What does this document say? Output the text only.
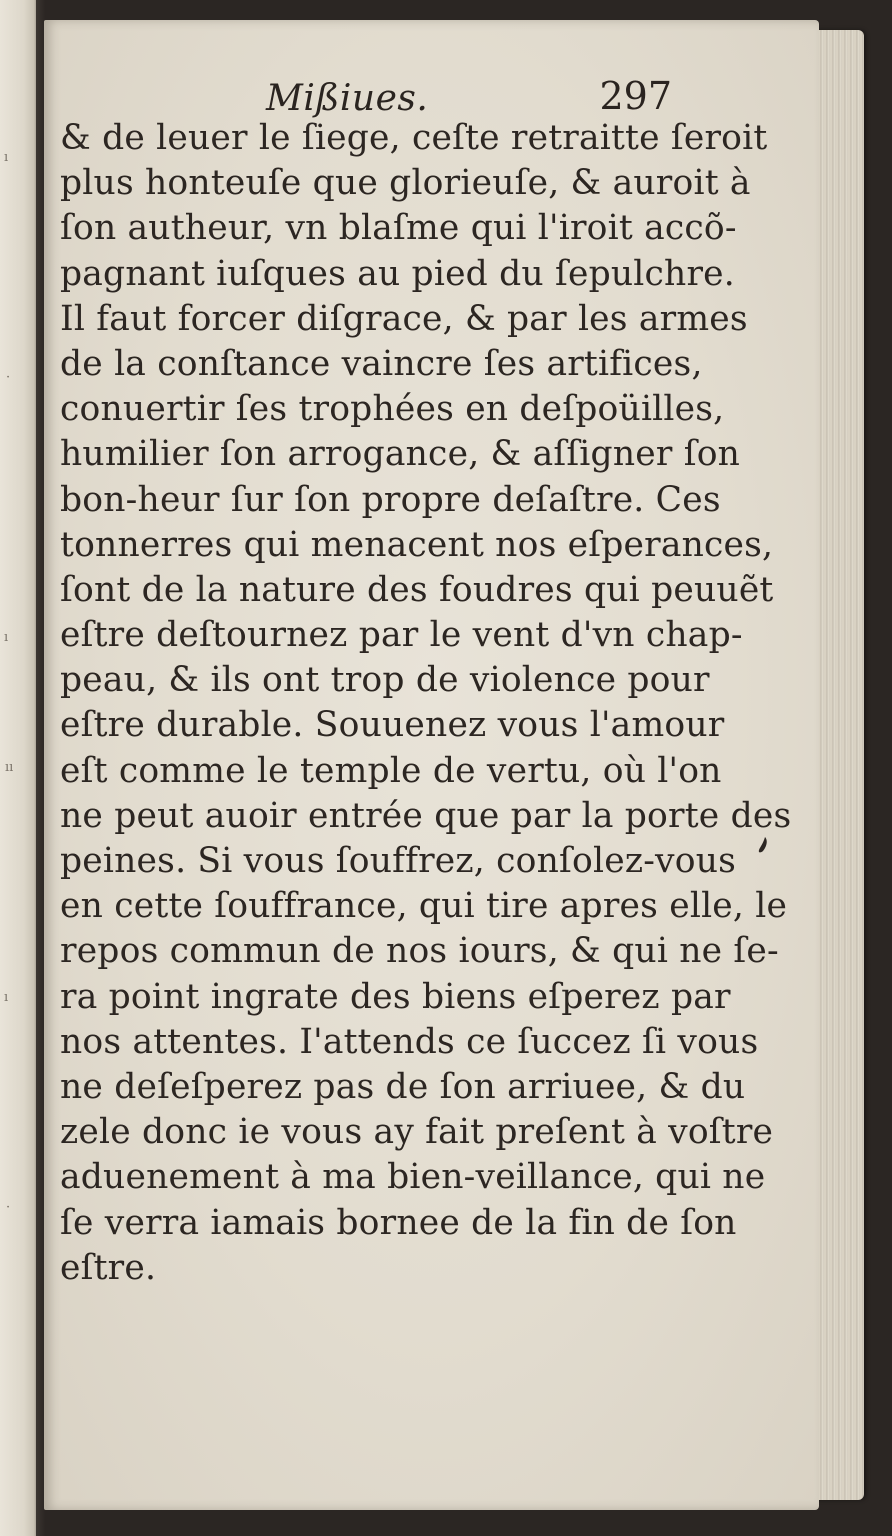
ı
·
ı
ıı
ı
·
Mißiues.	297
& de leuer le ſiege, ceſte retraitte ſeroit
plus honteuſe que glorieuſe, & auroit à
ſon autheur, vn blaſme qui l'iroit accõ-
pagnant iuſques au pied du ſepulchre.
Il faut forcer diſgrace, & par les armes
de la conſtance vaincre ſes artifices,
conuertir ſes trophées en deſpoüilles,
humilier ſon arrogance, & aſſigner ſon
bon-heur ſur ſon propre deſaſtre. Ces
tonnerres qui menacent nos eſperances,
ſont de la nature des foudres qui peuuẽt
eſtre deſtournez par le vent d'vn chap-
peau, & ils ont trop de violence pour
eſtre durable. Souuenez vous l'amour
eſt comme le temple de vertu, où l'on
ne peut auoir entrée que par la porte des
peines. Si vous ſouffrez, conſolez-vous
en cette ſouffrance, qui tire apres elle, le
repos commun de nos iours, & qui ne ſe-
ra point ingrate des biens eſperez par
nos attentes. I'attends ce ſuccez ſi vous
ne deſeſperez pas de ſon arriuee, & du
zele donc ie vous ay fait preſent à voſtre
aduenement à ma bien-veillance, qui ne
ſe verra iamais bornee de la fin de ſon
eſtre.
